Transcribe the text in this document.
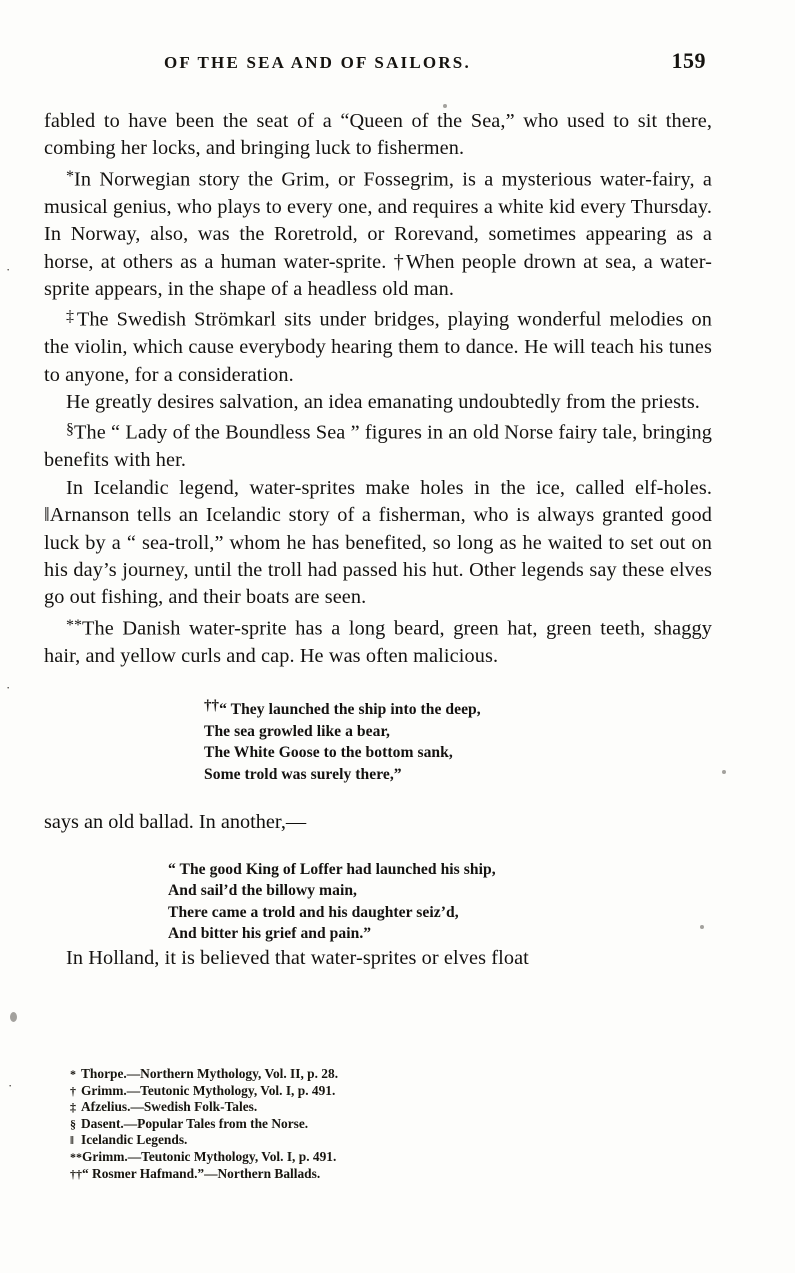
OF THE SEA AND OF SAILORS.	159

fabled to have been the seat of a “Queen of the Sea,” who used to sit there, combing her locks, and bringing luck to fishermen.

*In Norwegian story the Grim, or Fossegrim, is a mysterious water-fairy, a musical genius, who plays to every one, and requires a white kid every Thursday. In Norway, also, was the Roretrold, or Rorevand, sometimes appearing as a horse, at others as a human water-sprite. †When people drown at sea, a water-sprite appears, in the shape of a headless old man.

‡The Swedish Strömkarl sits under bridges, playing wonderful melodies on the violin, which cause everybody hearing them to dance. He will teach his tunes to anyone, for a consideration.

He greatly desires salvation, an idea emanating undoubtedly from the priests.

§The “ Lady of the Boundless Sea ” figures in an old Norse fairy tale, bringing benefits with her.

In Icelandic legend, water-sprites make holes in the ice, called elf-holes. ‖Arnanson tells an Icelandic story of a fisherman, who is always granted good luck by a “ sea-troll,” whom he has benefited, so long as he waited to set out on his day’s journey, until the troll had passed his hut. Other legends say these elves go out fishing, and their boats are seen.

**The Danish water-sprite has a long beard, green hat, green teeth, shaggy hair, and yellow curls and cap. He was often malicious.

††“ They launched the ship into the deep,
The sea growled like a bear,
The White Goose to the bottom sank,
Some trold was surely there,”

says an old ballad. In another,—

“ The good King of Loffer had launched his ship,
And sail’d the billowy main,
There came a trold and his daughter seiz’d,
And bitter his grief and pain.”

In Holland, it is believed that water-sprites or elves float

* Thorpe.—Northern Mythology, Vol. II, p. 28.
† Grimm.—Teutonic Mythology, Vol. I, p. 491.
‡ Afzelius.—Swedish Folk-Tales.
§ Dasent.—Popular Tales from the Norse.
‖ Icelandic Legends.
**Grimm.—Teutonic Mythology, Vol. I, p. 491.
††“ Rosmer Hafmand.”—Northern Ballads.
·
·
·
